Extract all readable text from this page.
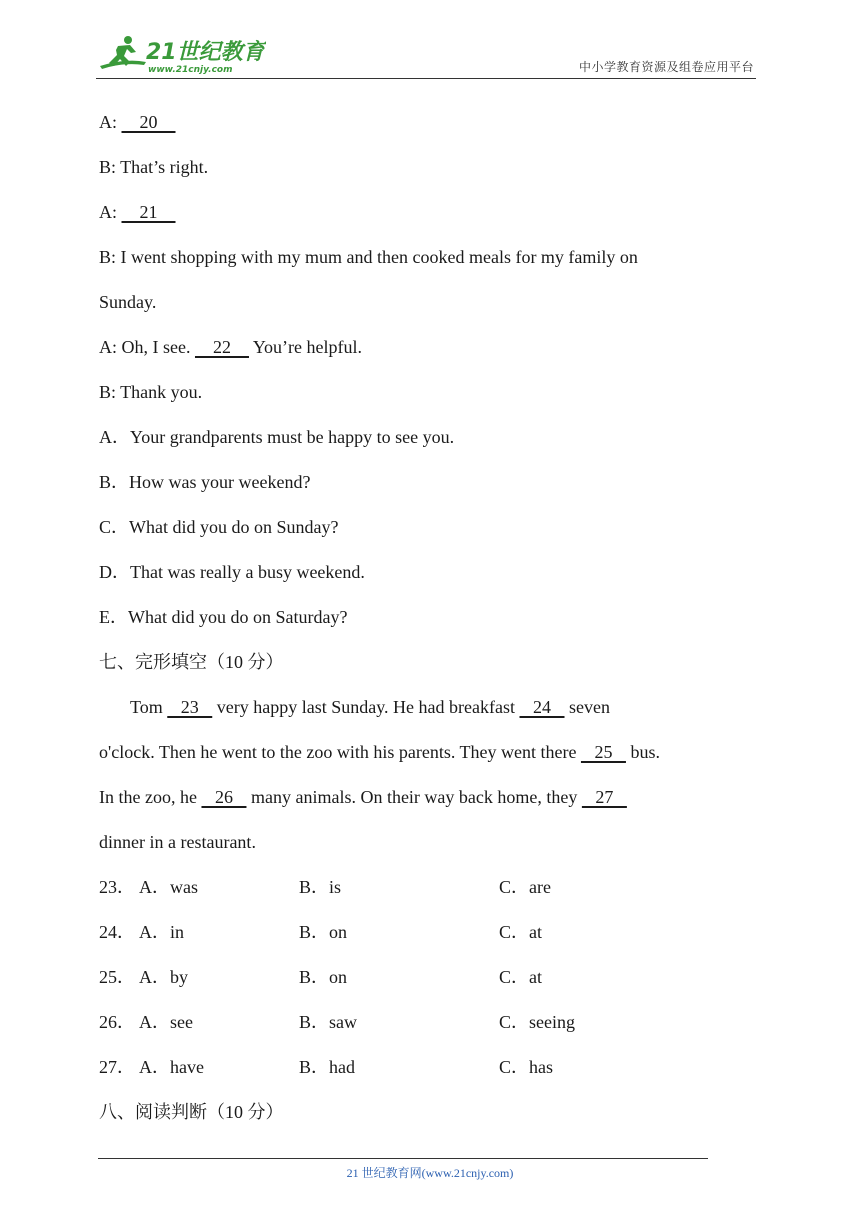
21世纪教育
www.21cnjy.com	中小学教育资源及组卷应用平台
A:     20
B: That’s right.
A:     21
B: I went shopping with my mum and then cooked meals for my family on
Sunday.
A: Oh, I see.     22     You’re helpful.
B: Thank you.
A．Your grandparents must be happy to see you.
B．How was your weekend?
C．What did you do on Sunday?
D．That was really a busy weekend.
E．What did you do on Saturday?
七、完形填空（10 分）
Tom    23    very happy last Sunday. He had breakfast    24    seven
o'clock. Then he went to the zoo with his parents. They went there    25    bus.
In the zoo, he    26    many animals. On their way back home, they    27
dinner in a restaurant.
23． A．was	B．is	C．are
24． A．in	B．on	C．at
25． A．by	B．on	C．at
26． A．see	B．saw	C．seeing
27． A．have	B．had	C．has
八、阅读判断（10 分）
21 世纪教育网(www.21cnjy.com)
